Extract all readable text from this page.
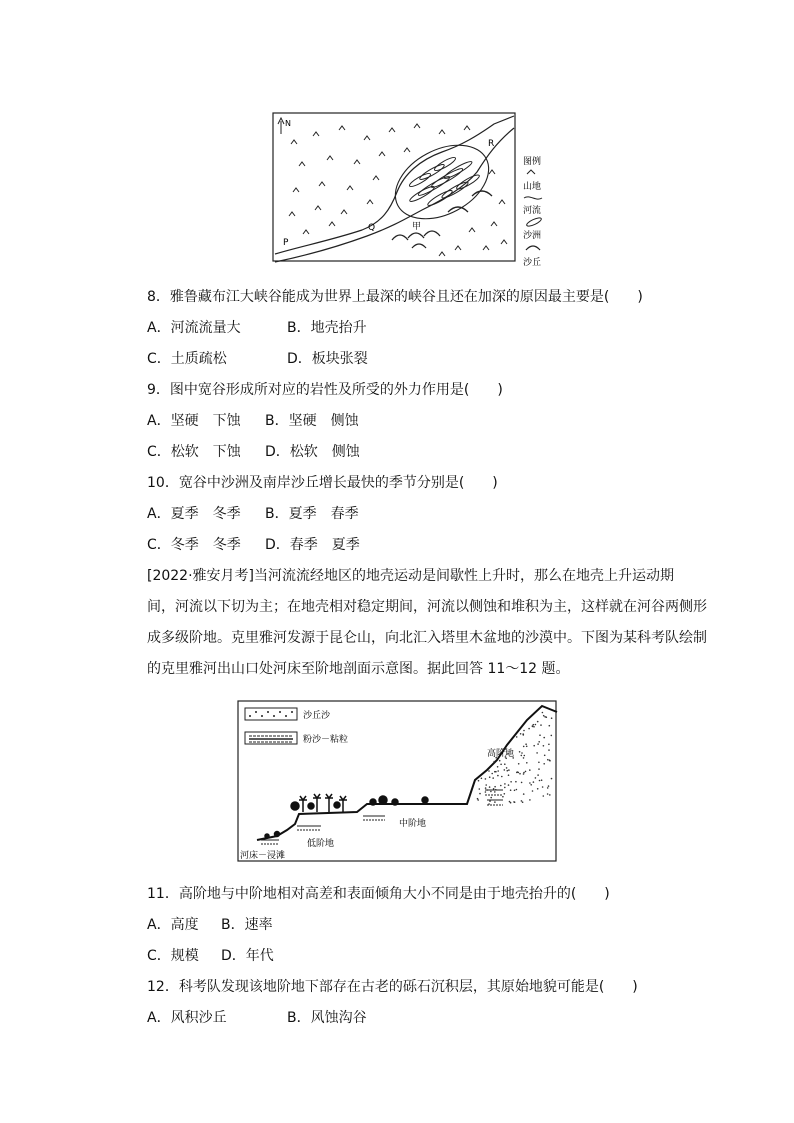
N
R
P
Q	甲
图例
山地
河流
沙洲
沙丘
8．雅鲁藏布江大峡谷能成为世界上最深的峡谷且还在加深的原因最主要是(　　)
A．河流流量大	B．地壳抬升
C．土质疏松	D．板块张裂
9．图中宽谷形成所对应的岩性及所受的外力作用是(　　)
A．坚硬　下蚀 B．坚硬　侧蚀
C．松软　下蚀 D．松软　侧蚀
10．宽谷中沙洲及南岸沙丘增长最快的季节分别是(　　)
A．夏季　冬季 B．夏季　春季
C．冬季　冬季 D．春季　夏季
[2022·雅安月考]当河流流经地区的地壳运动是间歇性上升时，那么在地壳上升运动期
间，河流以下切为主；在地壳相对稳定期间，河流以侧蚀和堆积为主，这样就在河谷两侧形
成多级阶地。克里雅河发源于昆仑山，向北汇入塔里木盆地的沙漠中。下图为某科考队绘制
的克里雅河出山口处河床至阶地剖面示意图。据此回答 11～12 题。
沙丘沙
粉沙－粘粒
高阶地
中阶地
低阶地
河床－浸滩
11．高阶地与中阶地相对高差和表面倾角大小不同是由于地壳抬升的(　　)
A．高度 B．速率
C．规模 D．年代
12．科考队发现该地阶地下部存在古老的砾石沉积层，其原始地貌可能是(　　)
A．风积沙丘	B．风蚀沟谷
